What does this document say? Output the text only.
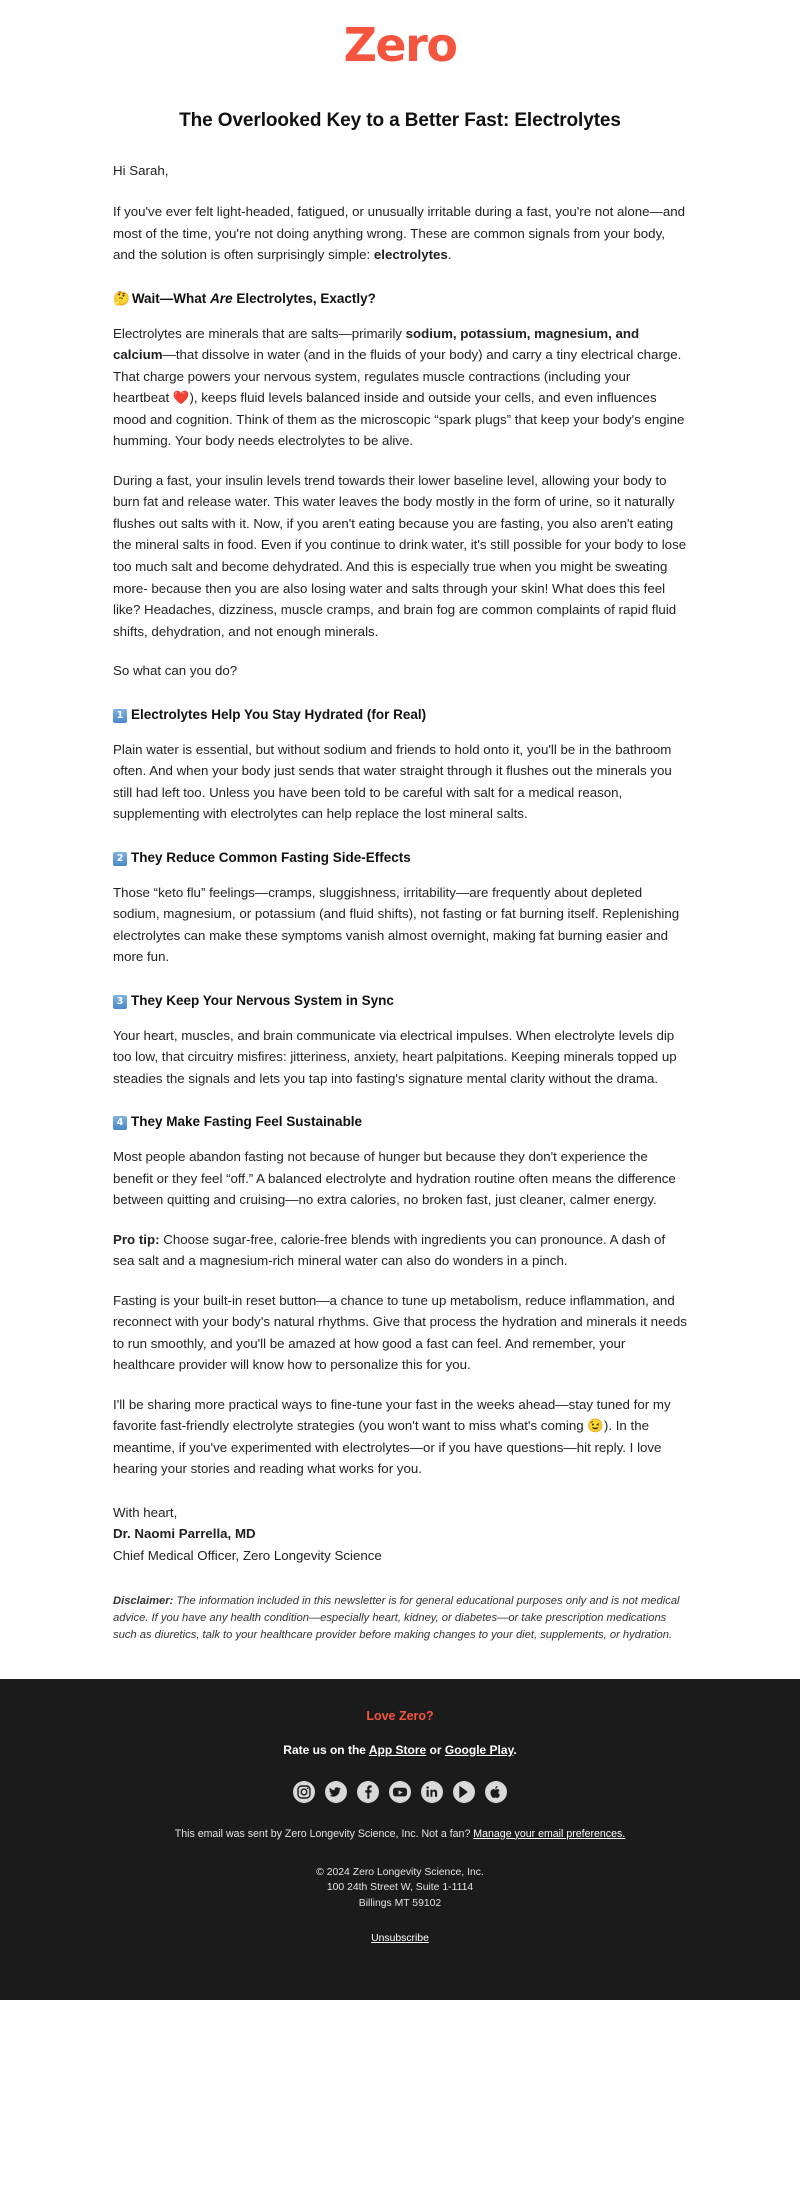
Zero
The Overlooked Key to a Better Fast: Electrolytes

Hi Sarah,

If you've ever felt light-headed, fatigued, or unusually irritable during a fast, you're not alone—and most of the time, you're not doing anything wrong. These are common signals from your body, and the solution is often surprisingly simple: electrolytes.

🤔 Wait—What Are Electrolytes, Exactly?

Electrolytes are minerals that are salts—primarily sodium, potassium, magnesium, and calcium—that dissolve in water (and in the fluids of your body) and carry a tiny electrical charge. That charge powers your nervous system, regulates muscle contractions (including your heartbeat ❤️), keeps fluid levels balanced inside and outside your cells, and even influences mood and cognition. Think of them as the microscopic “spark plugs” that keep your body's engine humming. Your body needs electrolytes to be alive.

During a fast, your insulin levels trend towards their lower baseline level, allowing your body to burn fat and release water. This water leaves the body mostly in the form of urine, so it naturally flushes out salts with it. Now, if you aren't eating because you are fasting, you also aren't eating the mineral salts in food. Even if you continue to drink water, it's still possible for your body to lose too much salt and become dehydrated. And this is especially true when you might be sweating more- because then you are also losing water and salts through your skin! What does this feel like? Headaches, dizziness, muscle cramps, and brain fog are common complaints of rapid fluid shifts, dehydration, and not enough minerals.

So what can you do?

1 Electrolytes Help You Stay Hydrated (for Real)

Plain water is essential, but without sodium and friends to hold onto it, you'll be in the bathroom often. And when your body just sends that water straight through it flushes out the minerals you still had left too. Unless you have been told to be careful with salt for a medical reason, supplementing with electrolytes can help replace the lost mineral salts.

2 They Reduce Common Fasting Side-Effects

Those “keto flu” feelings—cramps, sluggishness, irritability—are frequently about depleted sodium, magnesium, or potassium (and fluid shifts), not fasting or fat burning itself. Replenishing electrolytes can make these symptoms vanish almost overnight, making fat burning easier and more fun.

3 They Keep Your Nervous System in Sync

Your heart, muscles, and brain communicate via electrical impulses. When electrolyte levels dip too low, that circuitry misfires: jitteriness, anxiety, heart palpitations. Keeping minerals topped up steadies the signals and lets you tap into fasting's signature mental clarity without the drama.

4 They Make Fasting Feel Sustainable

Most people abandon fasting not because of hunger but because they don't experience the benefit or they feel “off.” A balanced electrolyte and hydration routine often means the difference between quitting and cruising—no extra calories, no broken fast, just cleaner, calmer energy.

Pro tip: Choose sugar-free, calorie-free blends with ingredients you can pronounce. A dash of sea salt and a magnesium-rich mineral water can also do wonders in a pinch.

Fasting is your built-in reset button—a chance to tune up metabolism, reduce inflammation, and reconnect with your body's natural rhythms. Give that process the hydration and minerals it needs to run smoothly, and you'll be amazed at how good a fast can feel. And remember, your healthcare provider will know how to personalize this for you.

I'll be sharing more practical ways to fine-tune your fast in the weeks ahead—stay tuned for my favorite fast-friendly electrolyte strategies (you won't want to miss what's coming 😉). In the meantime, if you've experimented with electrolytes—or if you have questions—hit reply. I love hearing your stories and reading what works for you.

With heart,
Dr. Naomi Parrella, MD
Chief Medical Officer, Zero Longevity Science

Disclaimer: The information included in this newsletter is for general educational purposes only and is not medical advice. If you have any health condition—especially heart, kidney, or diabetes—or take prescription medications such as diuretics, talk to your healthcare provider before making changes to your diet, supplements, or hydration.

Love Zero?
Rate us on the App Store or Google Play.
This email was sent by Zero Longevity Science, Inc. Not a fan? Manage your email preferences.
© 2024 Zero Longevity Science, Inc.
100 24th Street W, Suite 1-1114
Billings MT 59102
Unsubscribe
